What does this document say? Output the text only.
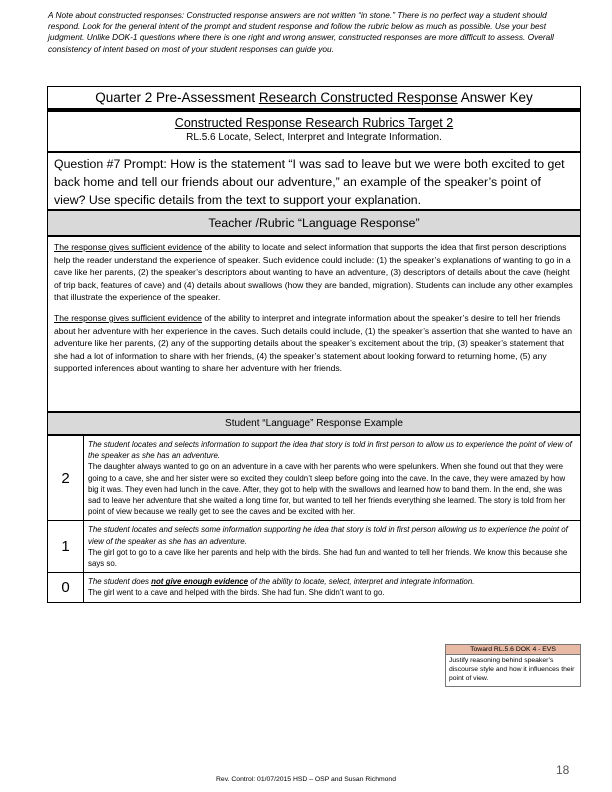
A Note about constructed responses: Constructed response answers are not written “in stone.” There is no perfect way a student should respond. Look for the general intent of the prompt and student response and follow the rubric below as much as possible. Use your best judgment. Unlike DOK-1 questions where there is one right and wrong answer, constructed responses are more difficult to assess. Overall consistency of intent based on most of your student responses can guide you.
Quarter 2 Pre-Assessment Research Constructed Response Answer Key
Constructed Response Research Rubrics Target 2
RL.5.6 Locate, Select, Interpret and Integrate Information.
Question #7 Prompt: How is the statement “I was sad to leave but we were both excited to get back home and tell our friends about our adventure,” an example of the speaker’s point of view? Use specific details from the text to support your explanation.
Teacher /Rubric “Language Response”

The response gives sufficient evidence of the ability to locate and select information that supports the idea that first person descriptions help the reader understand the experience of speaker. Such evidence could include: (1) the speaker’s explanations of wanting to go in a cave like her parents, (2) the speaker’s descriptors about wanting to have an adventure, (3) descriptors of details about the cave (height of trip back, features of cave) and (4) details about swallows (how they are banded, migration). Students can include any other examples that illustrate the experience of the speaker.

The response gives sufficient evidence of the ability to interpret and integrate information about the speaker’s desire to tell her friends about her adventure with her experience in the caves. Such details could include, (1) the speaker’s assertion that she wanted to have an adventure like her parents, (2) any of the supporting details about the speaker’s excitement about the trip, (3) speaker’s statement that she had a lot of information to share with her friends, (4) the speaker’s statement about looking forward to returning home, (5) any supported inferences about wanting to share her adventure with her friends.

Student “Language” Response Example
2	The student locates and selects information to support the idea that story is told in first person to allow us to experience the point of view of the speaker as she has an adventure.
The daughter always wanted to go on an adventure in a cave with her parents who were spelunkers. When she found out that they were going to a cave, she and her sister were so excited they couldn’t sleep before going into the cave. In the cave, they were amazed by how big it was. They even had lunch in the cave. After, they got to help with the swallows and learned how to band them. In the end, she was sad to leave her adventure that she waited a long time for, but wanted to tell her friends everything she learned. The story is told from her point of view because we really get to see the caves and be excited with her.

1	The student locates and selects some information supporting he idea that story is told in first person allowing us to experience the point of view of the speaker as she has an adventure.
The girl got to go to a cave like her parents and help with the birds. She had fun and wanted to tell her friends. We know this because she says so.

0	The student does not give enough evidence of the ability to locate, select, interpret and integrate information.
The girl went to a cave and helped with the birds. She had fun. She didn’t want to go.
Toward RL.5.6 DOK 4 - EVS
Justify reasoning behind speaker’s discourse style and how it influences their point of view.
Rev. Control: 01/07/2015 HSD – OSP and Susan Richmond
18
